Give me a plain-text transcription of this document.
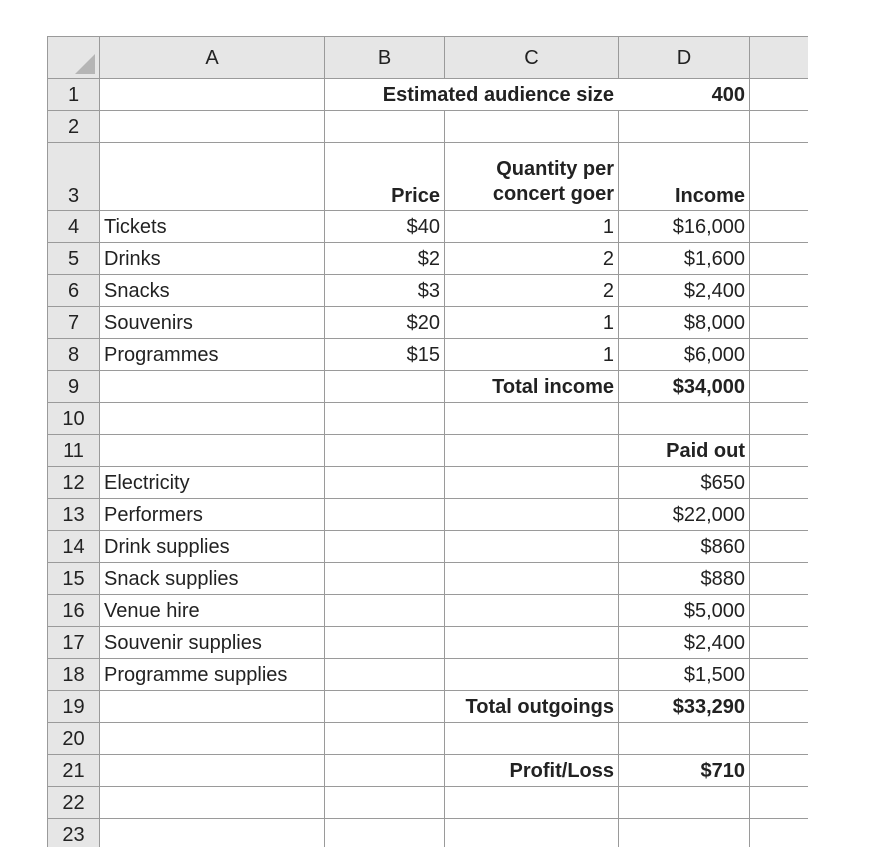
	A	B	C	D	
1		Estimated audience size		400	
2					
3		Price	Quantity per concert goer	Income	
4	Tickets	$40	1	$16,000	
5	Drinks	$2	2	$1,600	
6	Snacks	$3	2	$2,400	
7	Souvenirs	$20	1	$8,000	
8	Programmes	$15	1	$6,000	
9			Total income	$34,000	
10					
11				Paid out	
12	Electricity			$650	
13	Performers			$22,000	
14	Drink supplies			$860	
15	Snack supplies			$880	
16	Venue hire			$5,000	
17	Souvenir supplies			$2,400	
18	Programme supplies			$1,500	
19			Total outgoings	$33,290	
20					
21			Profit/Loss	$710	
22					
23					
